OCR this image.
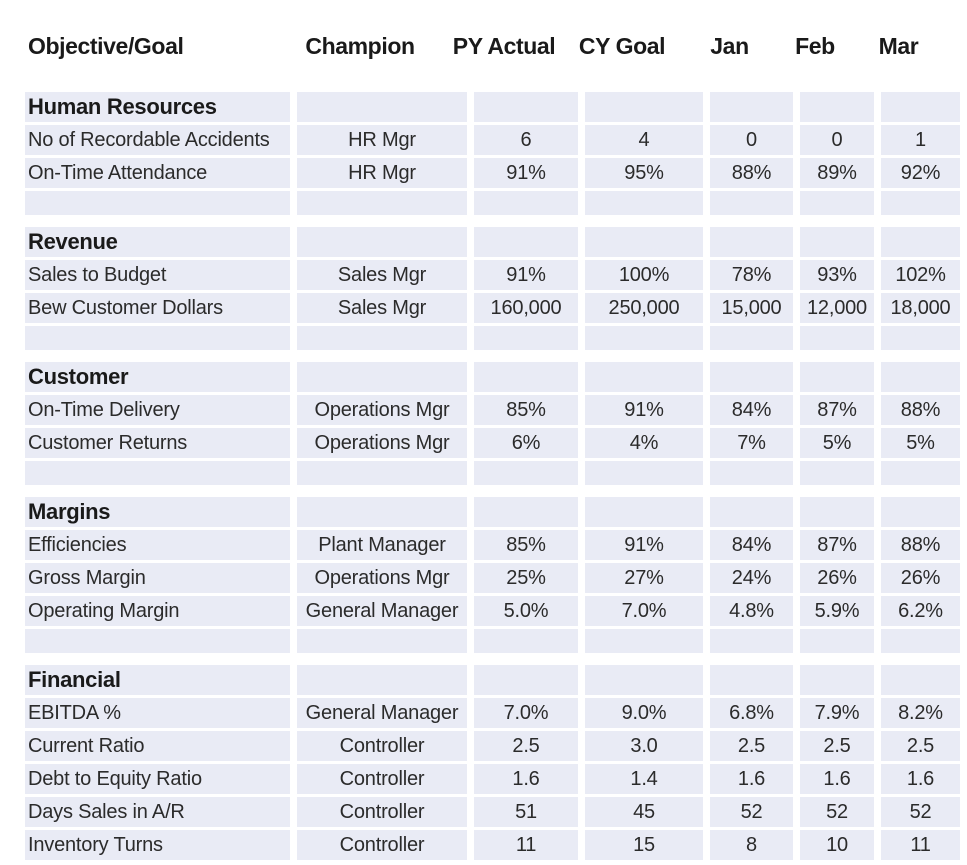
Objective/Goal	Champion	PY Actual	CY Goal	Jan	Feb	Mar
Human Resources
No of Recordable Accidents	HR Mgr	6	4	0	0	1
On-Time Attendance	HR Mgr	91%	95%	88%	89%	92%
Revenue
Sales to Budget	Sales Mgr	91%	100%	78%	93%	102%
Bew Customer Dollars	Sales Mgr	160,000	250,000	15,000	12,000	18,000
Customer
On-Time Delivery	Operations Mgr	85%	91%	84%	87%	88%
Customer Returns	Operations Mgr	6%	4%	7%	5%	5%
Margins
Efficiencies	Plant Manager	85%	91%	84%	87%	88%
Gross Margin	Operations Mgr	25%	27%	24%	26%	26%
Operating Margin	General Manager	5.0%	7.0%	4.8%	5.9%	6.2%
Financial
EBITDA %	General Manager	7.0%	9.0%	6.8%	7.9%	8.2%
Current Ratio	Controller	2.5	3.0	2.5	2.5	2.5
Debt to Equity Ratio	Controller	1.6	1.4	1.6	1.6	1.6
Days Sales in A/R	Controller	51	45	52	52	52
Inventory Turns	Controller	11	15	8	10	11
